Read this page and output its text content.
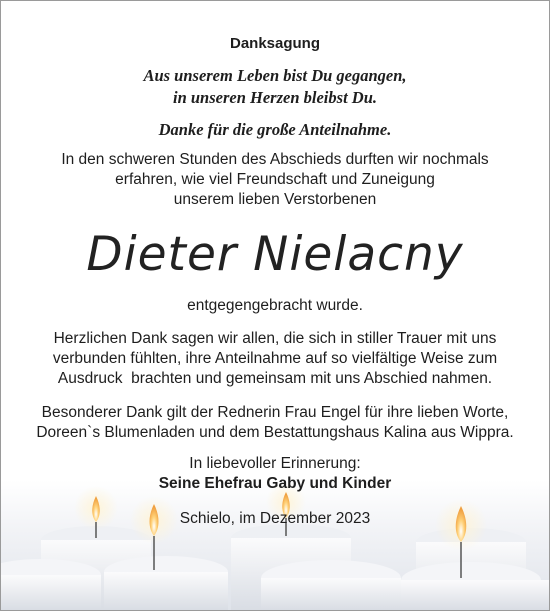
Danksagung
Aus unserem Leben bist Du gegangen,
in unseren Herzen bleibst Du.
Danke für die große Anteilnahme.
In den schweren Stunden des Abschieds durften wir nochmals
erfahren, wie viel Freundschaft und Zuneigung
unserem lieben Verstorbenen
Dieter Nielacny
entgegengebracht wurde.
Herzlichen Dank sagen wir allen, die sich in stiller Trauer mit uns
verbunden fühlten, ihre Anteilnahme auf so vielfältige Weise zum
Ausdruck  brachten und gemeinsam mit uns Abschied nahmen.
Besonderer Dank gilt der Rednerin Frau Engel für ihre lieben Worte,
Doreen`s Blumenladen und dem Bestattungshaus Kalina aus Wippra.
In liebevoller Erinnerung:
Seine Ehefrau Gaby und Kinder
Schielo, im Dezember 2023
